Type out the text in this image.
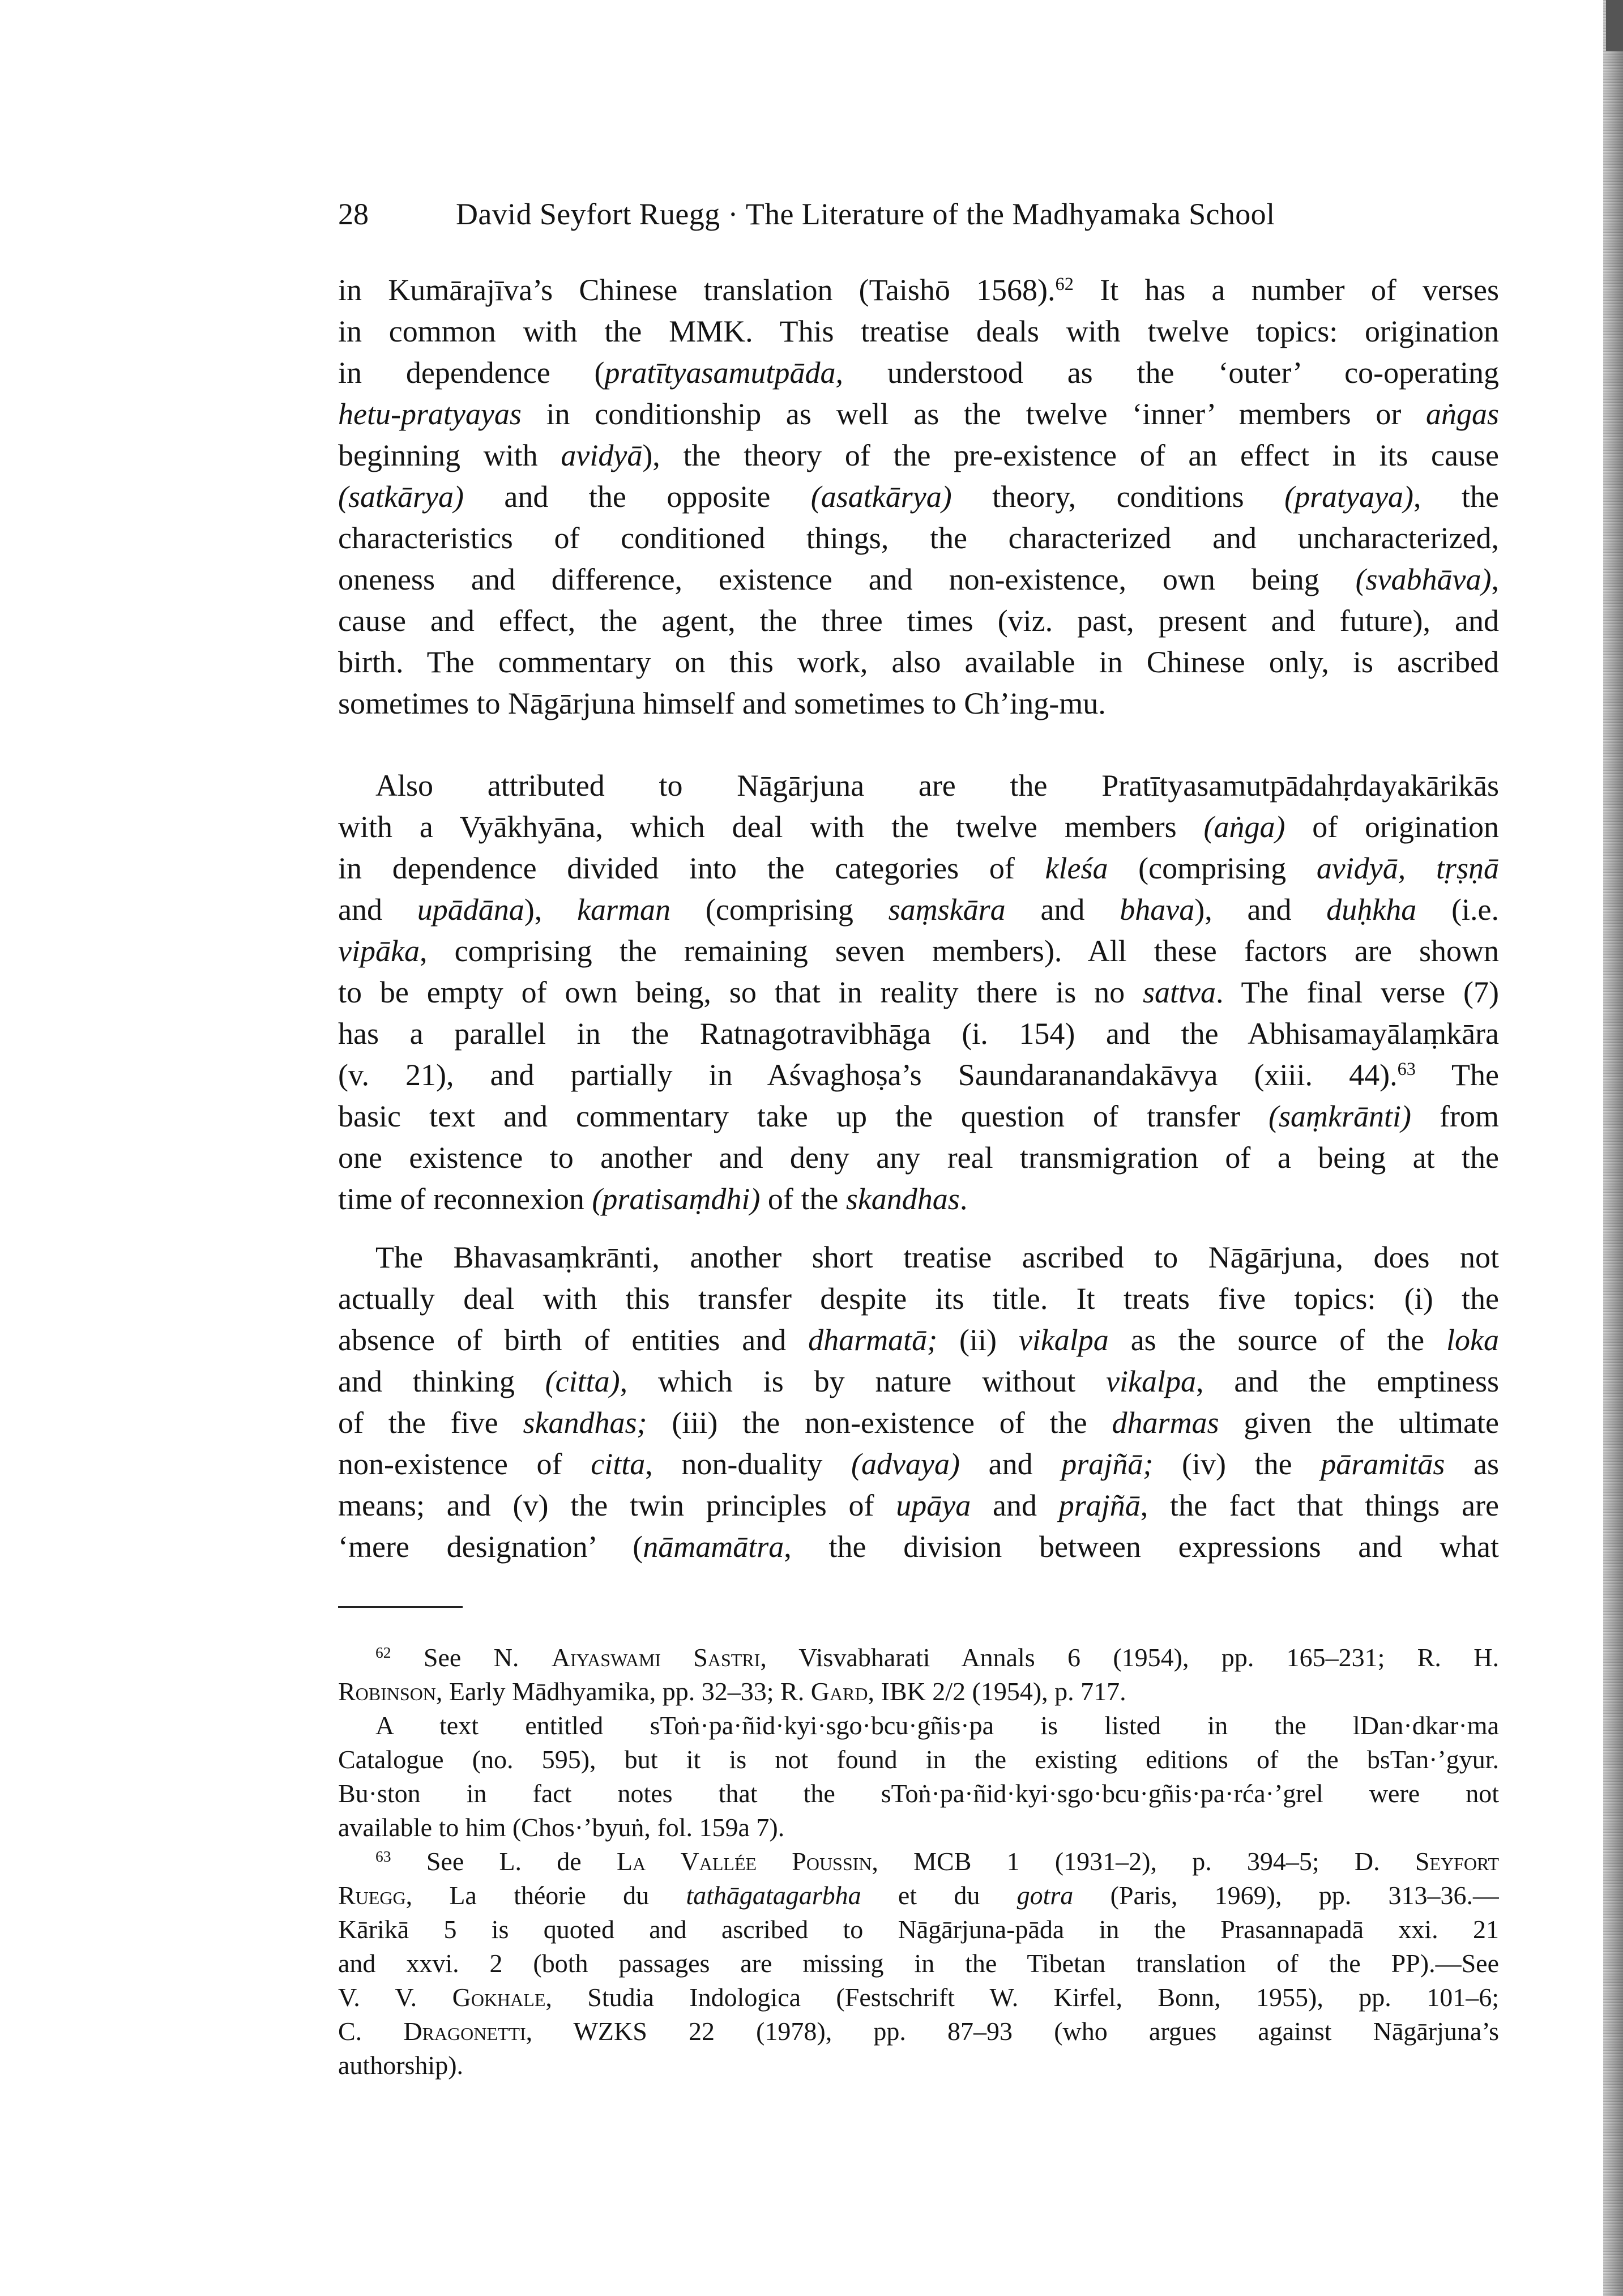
28	David Seyfort Ruegg · The Literature of the Madhyamaka School
in Kumārajīva’s Chinese translation (Taishō 1568).$^{62}$ It has a number of verses
in common with the MMK. This treatise deals with twelve topics: origination
in dependence (pratītyasamutpāda, understood as the ‘outer’ co-operating
hetu-pratyayas in conditionship as well as the twelve ‘inner’ members or aṅgas
beginning with avidyā), the theory of the pre-existence of an effect in its cause
(satkārya) and the opposite (asatkārya) theory, conditions (pratyaya), the
characteristics of conditioned things, the characterized and uncharacterized,
oneness and difference, existence and non-existence, own being (svabhāva),
cause and effect, the agent, the three times (viz. past, present and future), and
birth. The commentary on this work, also available in Chinese only, is ascribed
sometimes to Nāgārjuna himself and sometimes to Ch’ing-mu.
Also attributed to Nāgārjuna are the Pratītyasamutpādahṛdayakārikās
with a Vyākhyāna, which deal with the twelve members (aṅga) of origination
in dependence divided into the categories of kleśa (comprising avidyā, tṛṣṇā
and upādāna), karman (comprising saṃskāra and bhava), and duḥkha (i.e.
vipāka, comprising the remaining seven members). All these factors are shown
to be empty of own being, so that in reality there is no sattva. The final verse (7)
has a parallel in the Ratnagotravibhāga (i. 154) and the Abhisamayālaṃkāra
(v. 21), and partially in Aśvaghoṣa’s Saundaranandakāvya (xiii. 44).$^{63}$ The
basic text and commentary take up the question of transfer (saṃkrānti) from
one existence to another and deny any real transmigration of a being at the
time of reconnexion (pratisaṃdhi) of the skandhas.
The Bhavasaṃkrānti, another short treatise ascribed to Nāgārjuna, does not
actually deal with this transfer despite its title. It treats five topics: (i) the
absence of birth of entities and dharmatā; (ii) vikalpa as the source of the loka
and thinking (citta), which is by nature without vikalpa, and the emptiness
of the five skandhas; (iii) the non-existence of the dharmas given the ultimate
non-existence of citta, non-duality (advaya) and prajñā; (iv) the pāramitās as
means; and (v) the twin principles of upāya and prajñā, the fact that things are
‘mere designation’ (nāmamātra, the division between expressions and what
$^{62}$ See N. Aiyaswami Sastri, Visvabharati Annals 6 (1954), pp. 165–231; R. H.
Robinson, Early Mādhyamika, pp. 32–33; R. Gard, IBK 2/2 (1954), p. 717.
A text entitled sToṅ·pa·ñid·kyi·sgo·bcu·gñis·pa is listed in the lDan·dkar·ma
Catalogue (no. 595), but it is not found in the existing editions of the bsTan·’gyur.
Bu·ston in fact notes that the sToṅ·pa·ñid·kyi·sgo·bcu·gñis·pa·rća·’grel were not
available to him (Chos·’byuṅ, fol. 159a 7).
$^{63}$ See L. de La Vallée Poussin, MCB 1 (1931–2), p. 394–5; D. Seyfort
Ruegg, La théorie du tathāgatagarbha et du gotra (Paris, 1969), pp. 313–36.—
Kārikā 5 is quoted and ascribed to Nāgārjuna-pāda in the Prasannapadā xxi. 21
and xxvi. 2 (both passages are missing in the Tibetan translation of the PP).—See
V. V. Gokhale, Studia Indologica (Festschrift W. Kirfel, Bonn, 1955), pp. 101–6;
C. Dragonetti, WZKS 22 (1978), pp. 87–93 (who argues against Nāgārjuna’s
authorship).
